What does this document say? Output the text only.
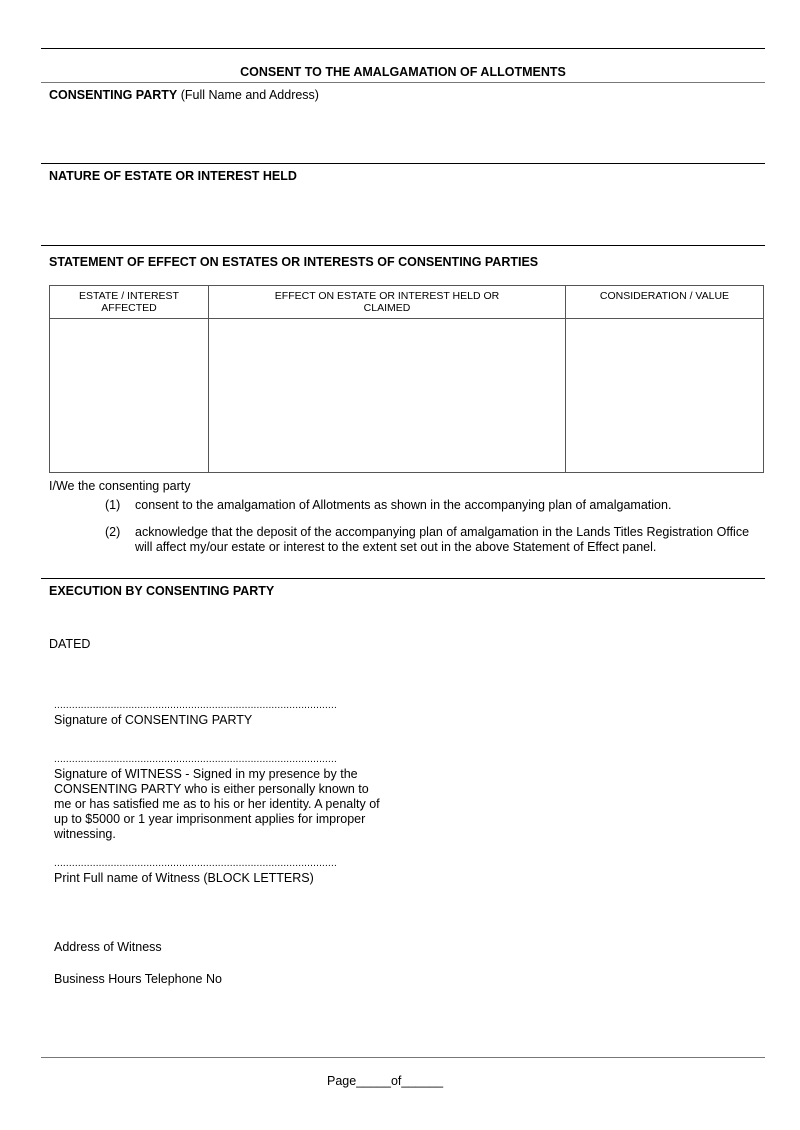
CONSENT TO THE AMALGAMATION OF ALLOTMENTS
CONSENTING PARTY (Full Name and Address)
NATURE OF ESTATE OR INTEREST HELD
STATEMENT OF EFFECT ON ESTATES OR INTERESTS OF CONSENTING PARTIES
ESTATE / INTEREST AFFECTED	EFFECT ON ESTATE OR INTEREST HELD OR CLAIMED	CONSIDERATION / VALUE

I/We the consenting party
(1) consent to the amalgamation of Allotments as shown in the accompanying plan of amalgamation.
(2) acknowledge that the deposit of the accompanying plan of amalgamation in the Lands Titles Registration Office will affect my/our estate or interest to the extent set out in the above Statement of Effect panel.
EXECUTION BY CONSENTING PARTY
DATED
...............................................................................................
Signature of CONSENTING PARTY
...............................................................................................
Signature of WITNESS - Signed in my presence by the CONSENTING PARTY who is either personally known to me or has satisfied me as to his or her identity. A penalty of up to $5000 or 1 year imprisonment applies for improper witnessing.
...............................................................................................
Print Full name of Witness (BLOCK LETTERS)
Address of Witness
Business Hours Telephone No
Page_____of______
